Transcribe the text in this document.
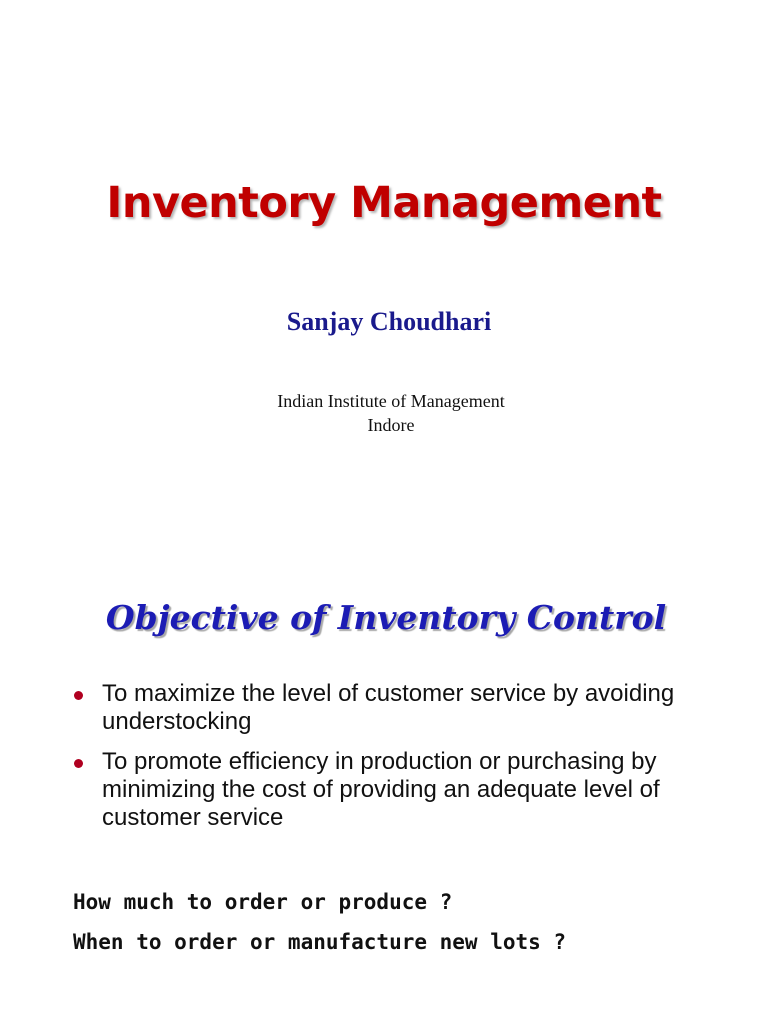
Inventory Management
Sanjay Choudhari
Indian Institute of Management
Indore
Objective of Inventory Control
To maximize the level of customer service by avoiding understocking
To promote efficiency in production or purchasing by minimizing the cost of providing an adequate level of customer service
How much to order or produce ?
When to order or manufacture new lots ?
